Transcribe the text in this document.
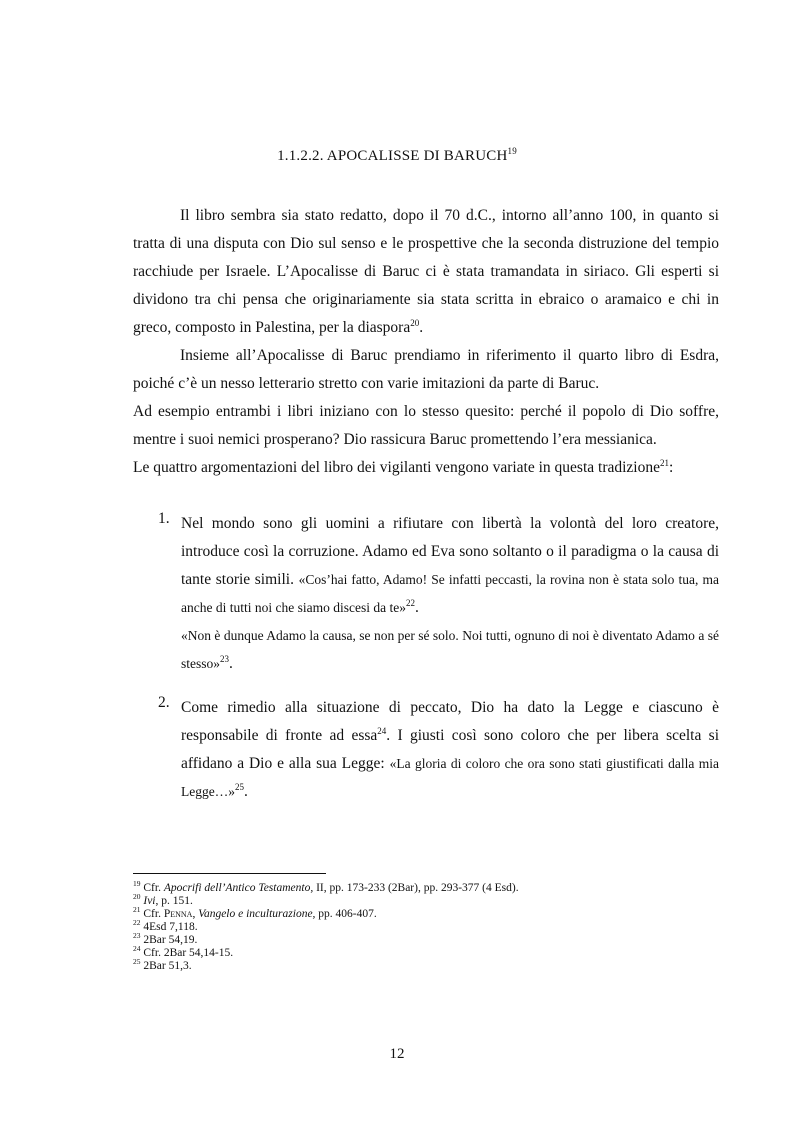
1.1.2.2. APOCALISSE DI BARUCH$^{19}$

Il libro sembra sia stato redatto, dopo il 70 d.C., intorno all’anno 100, in quanto si tratta di una disputa con Dio sul senso e le prospettive che la seconda distruzione del tempio racchiude per Israele. L’Apocalisse di Baruc ci è stata tramandata in siriaco. Gli esperti si dividono tra chi pensa che originariamente sia stata scritta in ebraico o aramaico e chi in greco, composto in Palestina, per la diaspora$^{20}$.

Insieme all’Apocalisse di Baruc prendiamo in riferimento il quarto libro di Esdra, poiché c’è un nesso letterario stretto con varie imitazioni da parte di Baruc.

Ad esempio entrambi i libri iniziano con lo stesso quesito: perché il popolo di Dio soffre, mentre i suoi nemici prosperano? Dio rassicura Baruc promettendo l’era messianica.

Le quattro argomentazioni del libro dei vigilanti vengono variate in questa tradizione$^{21}$:

1. Nel mondo sono gli uomini a rifiutare con libertà la volontà del loro creatore, introduce così la corruzione. Adamo ed Eva sono soltanto o il paradigma o la causa di tante storie simili. «Cos’hai fatto, Adamo! Se infatti peccasti, la rovina non è stata solo tua, ma anche di tutti noi che siamo discesi da te»$^{22}$.
«Non è dunque Adamo la causa, se non per sé solo. Noi tutti, ognuno di noi è diventato Adamo a sé stesso»$^{23}$.
2. Come rimedio alla situazione di peccato, Dio ha dato la Legge e ciascuno è responsabile di fronte ad essa$^{24}$. I giusti così sono coloro che per libera scelta si affidano a Dio e alla sua Legge: «La gloria di coloro che ora sono stati giustificati dalla mia Legge…»$^{25}$.
$^{19}$ Cfr. Apocrifi dell’Antico Testamento, II, pp. 173-233 (2Bar), pp. 293-377 (4 Esd).
$^{20}$ Ivi, p. 151.
$^{21}$ Cfr. Penna, Vangelo e inculturazione, pp. 406-407.
$^{22}$ 4Esd 7,118.
$^{23}$ 2Bar 54,19.
$^{24}$ Cfr. 2Bar 54,14-15.
$^{25}$ 2Bar 51,3.
12
